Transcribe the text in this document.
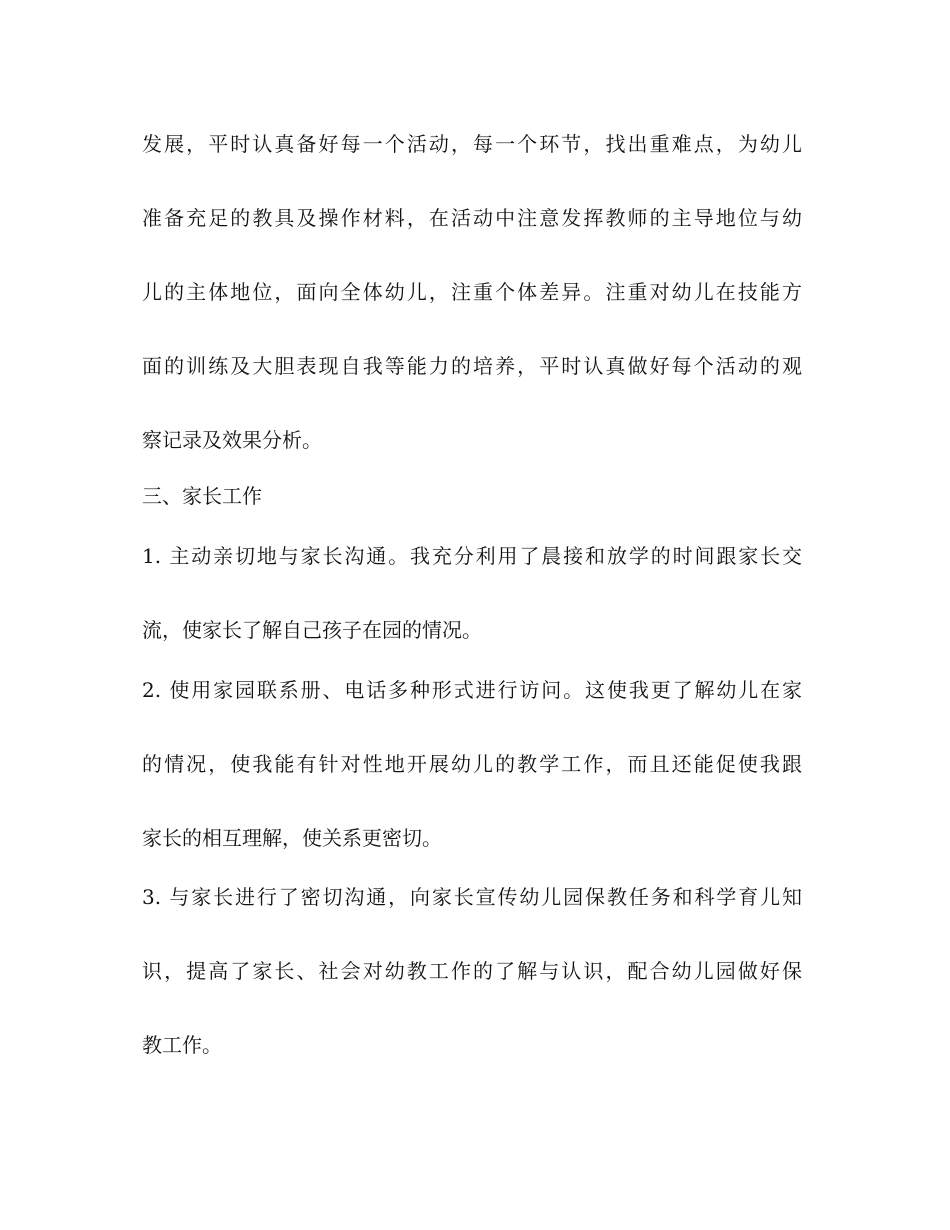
发展，平时认真备好每一个活动，每一个环节，找出重难点，为幼儿

准备充足的教具及操作材料，在活动中注意发挥教师的主导地位与幼

儿的主体地位，面向全体幼儿，注重个体差异。注重对幼儿在技能方

面的训练及大胆表现自我等能力的培养，平时认真做好每个活动的观

察记录及效果分析。

三、家长工作

1. 主动亲切地与家长沟通。我充分利用了晨接和放学的时间跟家长交

流，使家长了解自己孩子在园的情况。

2. 使用家园联系册、电话多种形式进行访问。这使我更了解幼儿在家

的情况，使我能有针对性地开展幼儿的教学工作，而且还能促使我跟

家长的相互理解，使关系更密切。

3. 与家长进行了密切沟通，向家长宣传幼儿园保教任务和科学育儿知

识，提高了家长、社会对幼教工作的了解与认识，配合幼儿园做好保

教工作。
